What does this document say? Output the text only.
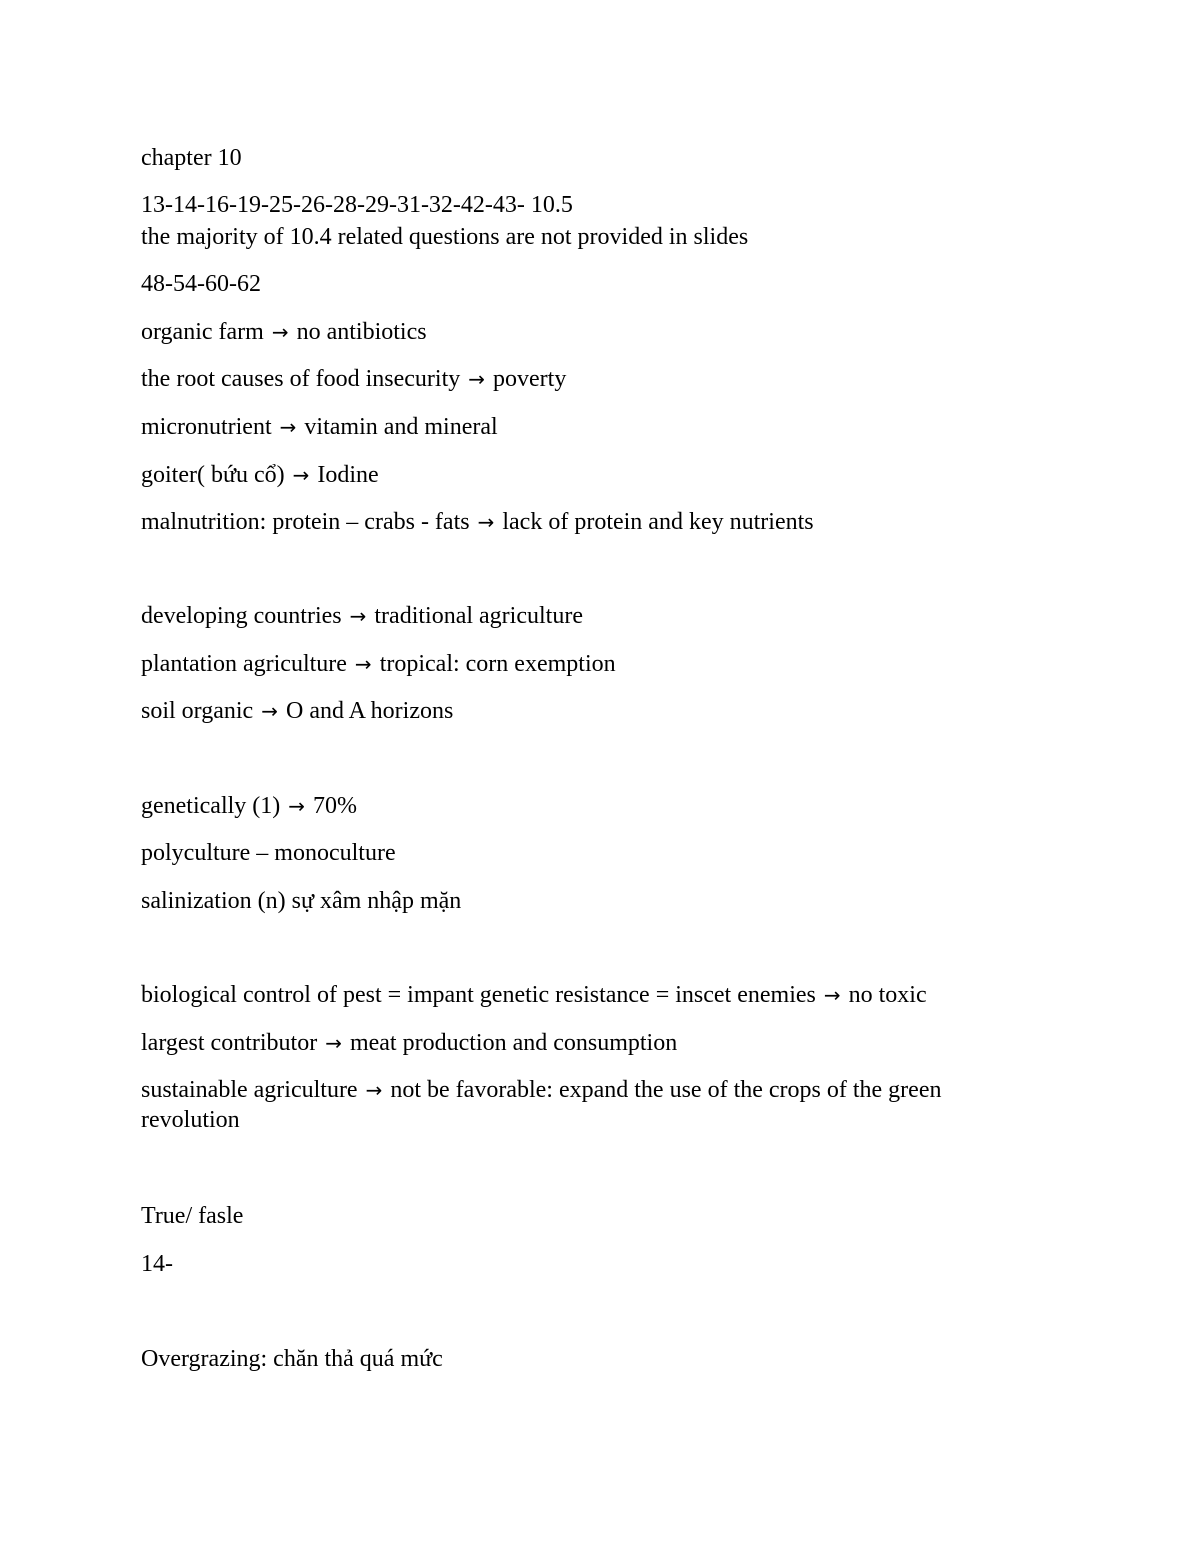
chapter 10
13-14-16-19-25-26-28-29-31-32-42-43- 10.5
the majority of 10.4 related questions are not provided in slides
48-54-60-62
organic farm → no antibiotics
the root causes of food insecurity → poverty
micronutrient → vitamin and mineral
goiter( bứu cổ) → Iodine
malnutrition: protein – crabs - fats → lack of protein and key nutrients
developing countries → traditional agriculture
plantation agriculture → tropical: corn exemption
soil organic → O and A horizons
genetically (1) → 70%
polyculture – monoculture
salinization (n) sự xâm nhập mặn
biological control of pest = impant genetic resistance = inscet enemies → no toxic
largest contributor → meat production and consumption
sustainable agriculture → not be favorable: expand the use of the crops of the green revolution
True/ fasle
14-
Overgrazing: chăn thả quá mức
